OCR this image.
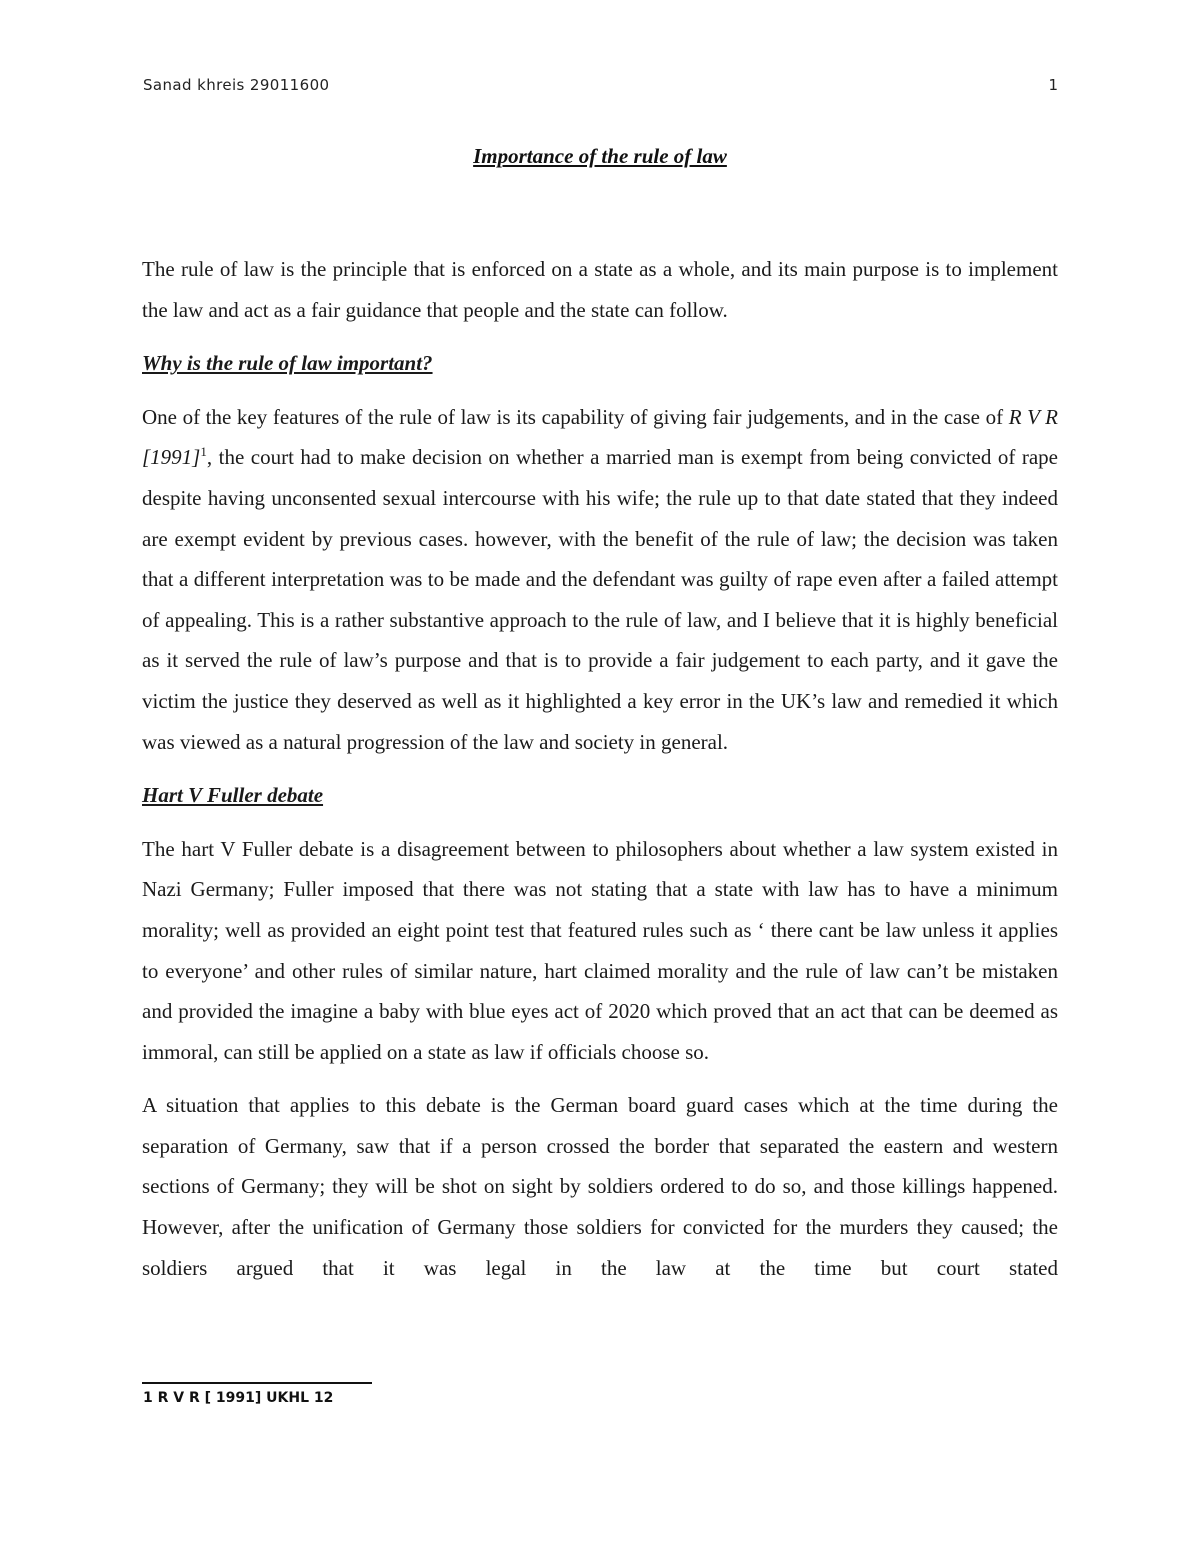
Sanad khreis 29011600	1
Importance of the rule of law

The rule of law is the principle that is enforced on a state as a whole, and its main purpose is to implement the law and act as a fair guidance that people and the state can follow.

Why is the rule of law important?

One of the key features of the rule of law is its capability of giving fair judgements, and in the case of R V R $[1991]^1$, the court had to make decision on whether a married man is exempt from being convicted of rape despite having unconsented sexual intercourse with his wife; the rule up to that date stated that they indeed are exempt evident by previous cases. however, with the benefit of the rule of law; the decision was taken that a different interpretation was to be made and the defendant was guilty of rape even after a failed attempt of appealing. This is a rather substantive approach to the rule of law, and I believe that it is highly beneficial as it served the rule of law’s purpose and that is to provide a fair judgement to each party, and it gave the victim the justice they deserved as well as it highlighted a key error in the UK’s law and remedied it which was viewed as a natural progression of the law and society in general.

Hart V Fuller debate

The hart V Fuller debate is a disagreement between to philosophers about whether a law system existed in Nazi Germany; Fuller imposed that there was not stating that a state with law has to have a minimum morality; well as provided an eight point test that featured rules such as ‘ there cant be law unless it applies to everyone’ and other rules of similar nature, hart claimed morality and the rule of law can’t be mistaken and provided the imagine a baby with blue eyes act of 2020 which proved that an act that can be deemed as immoral, can still be applied on a state as law if officials choose so.

A situation that applies to this debate is the German board guard cases which at the time during the separation of Germany, saw that if a person crossed the border that separated the eastern and western sections of Germany; they will be shot on sight by soldiers ordered to do so, and those killings happened. However, after the unification of Germany those soldiers for convicted for the murders they caused; the soldiers argued that it was legal in the law at the time but court stated

1 R V R [ 1991] UKHL 12
